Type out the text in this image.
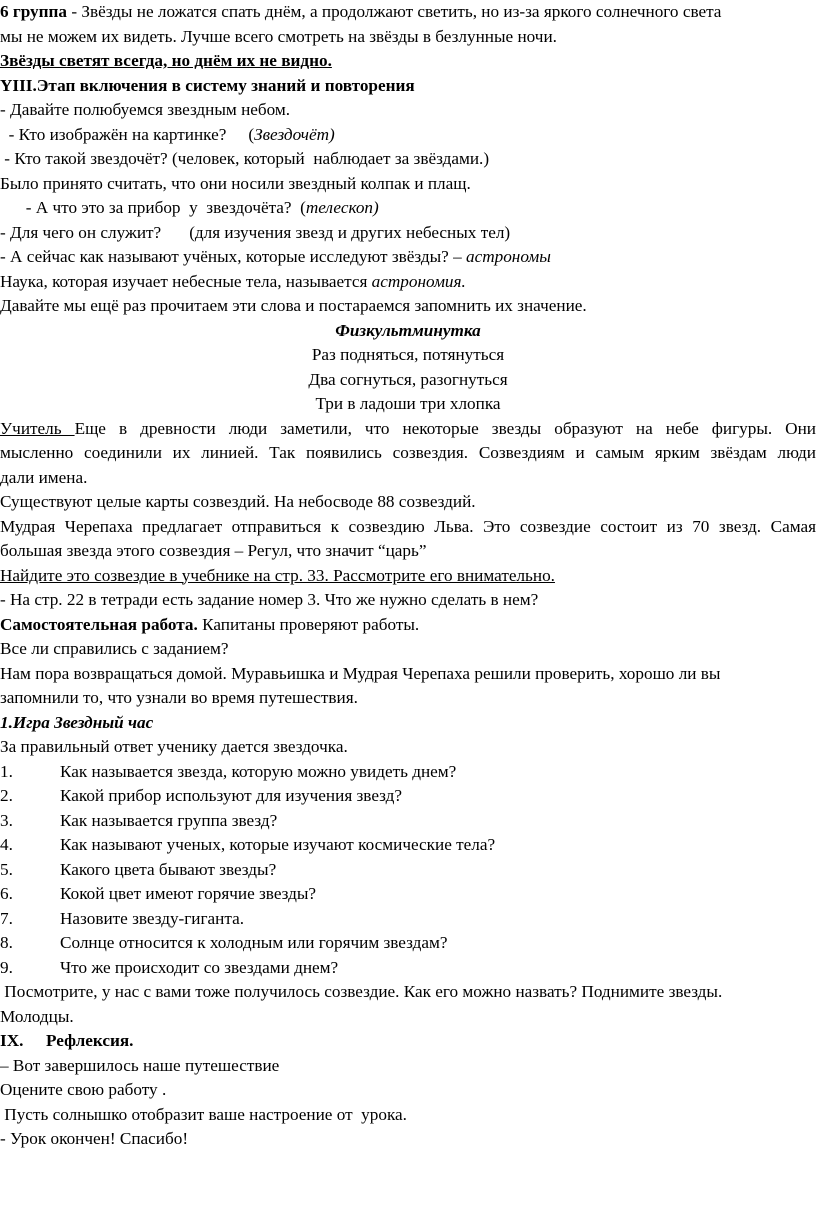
6 группа - Звёзды не ложатся спать днём, а продолжают светить, но из-за яркого солнечного света
мы не можем их видеть. Лучше всего смотреть на звёзды в безлунные ночи.
Звёзды светят всегда, но днём их не видно.
YIII.Этап включения в систему знаний и повторения
- Давайте полюбуемся звездным небом.
- Кто изображён на картинке? (Звездочёт)
- Кто такой звездочёт? (человек, который  наблюдает за звёздами.)
Было принято считать, что они носили звездный колпак и плащ.
- А что это за прибор  у  звездочёта?  (телескоп)
- Для чего он служит? (для изучения звезд и других небесных тел)
- А сейчас как называют учёных, которые исследуют звёзды? – астрономы
Наука, которая изучает небесные тела, называется астрономия.
Давайте мы ещё раз прочитаем эти слова и постараемся запомнить их значение.
Физкультминутка
Раз подняться, потянуться
Два согнуться, разогнуться
Три в ладоши три хлопка
Учитель Еще в древности люди заметили, что некоторые звезды образуют на небе фигуры. Они
мысленно соединили их линией. Так появились созвездия. Созвездиям и самым ярким звёздам люди
дали имена.
Существуют целые карты созвездий. На небосводе 88 созвездий.
Мудрая Черепаха предлагает отправиться к созвездию Льва. Это созвездие состоит из 70 звезд. Самая
большая звезда этого созвездия – Регул, что значит “царь”
Найдите это созвездие в учебнике на стр. 33. Рассмотрите его внимательно.
- На стр. 22 в тетради есть задание номер 3. Что же нужно сделать в нем?
Самостоятельная работа. Капитаны проверяют работы.
Все ли справились с заданием?
Нам пора возвращаться домой. Муравьишка и Мудрая Черепаха решили проверить, хорошо ли вы
запомнили то, что узнали во время путешествия.
1.Игра Звездный час
За правильный ответ ученику дается звездочка.
1.	Как называется звезда, которую можно увидеть днем?
2.	Какой прибор используют для изучения звезд?
3.	Как называется группа звезд?
4.	Как называют ученых, которые изучают космические тела?
5.	Какого цвета бывают звезды?
6.	Кокой цвет имеют горячие звезды?
7.	Назовите звезду-гиганта.
8.	Солнце относится к холодным или горячим звездам?
9.	Что же происходит со звездами днем?
Посмотрите, у нас с вами тоже получилось созвездие. Как его можно назвать? Поднимите звезды.
Молодцы.
IX. Рефлексия.
– Вот завершилось наше путешествие
Оцените свою работу .
Пусть солнышко отобразит ваше настроение от  урока.
- Урок окончен! Спасибо!
